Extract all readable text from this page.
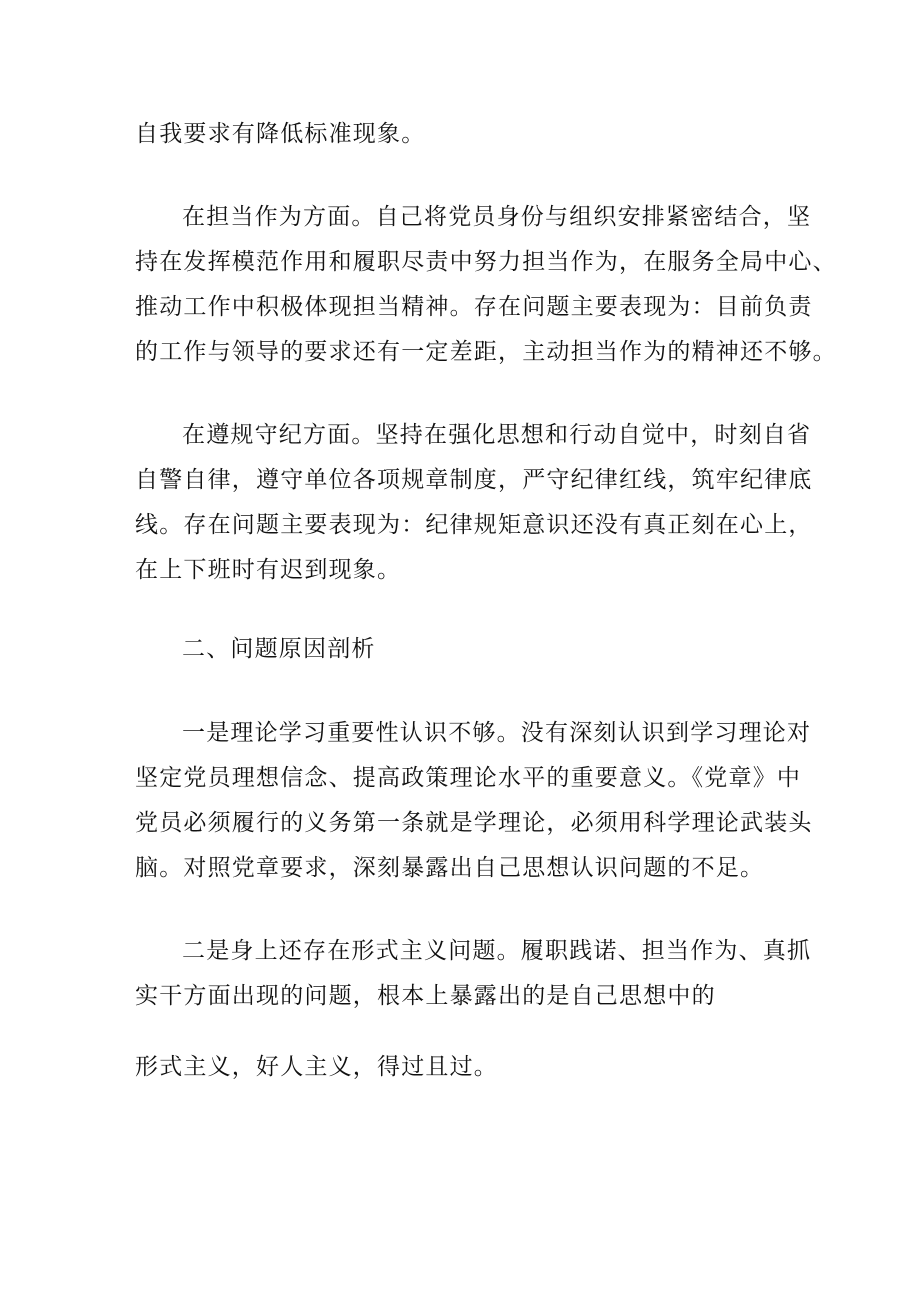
自我要求有降低标准现象。
在担当作为方面。自己将党员身份与组织安排紧密结合，坚
持在发挥模范作用和履职尽责中努力担当作为，在服务全局中心、
推动工作中积极体现担当精神。存在问题主要表现为：目前负责
的工作与领导的要求还有一定差距，主动担当作为的精神还不够。
在遵规守纪方面。坚持在强化思想和行动自觉中，时刻自省
自警自律，遵守单位各项规章制度，严守纪律红线，筑牢纪律底
线。存在问题主要表现为：纪律规矩意识还没有真正刻在心上，
在上下班时有迟到现象。
二、问题原因剖析
一是理论学习重要性认识不够。没有深刻认识到学习理论对
坚定党员理想信念、提高政策理论水平的重要意义。《党章》中
党员必须履行的义务第一条就是学理论，必须用科学理论武装头
脑。对照党章要求，深刻暴露出自己思想认识问题的不足。
二是身上还存在形式主义问题。履职践诺、担当作为、真抓
实干方面出现的问题，根本上暴露出的是自己思想中的
形式主义，好人主义，得过且过。
